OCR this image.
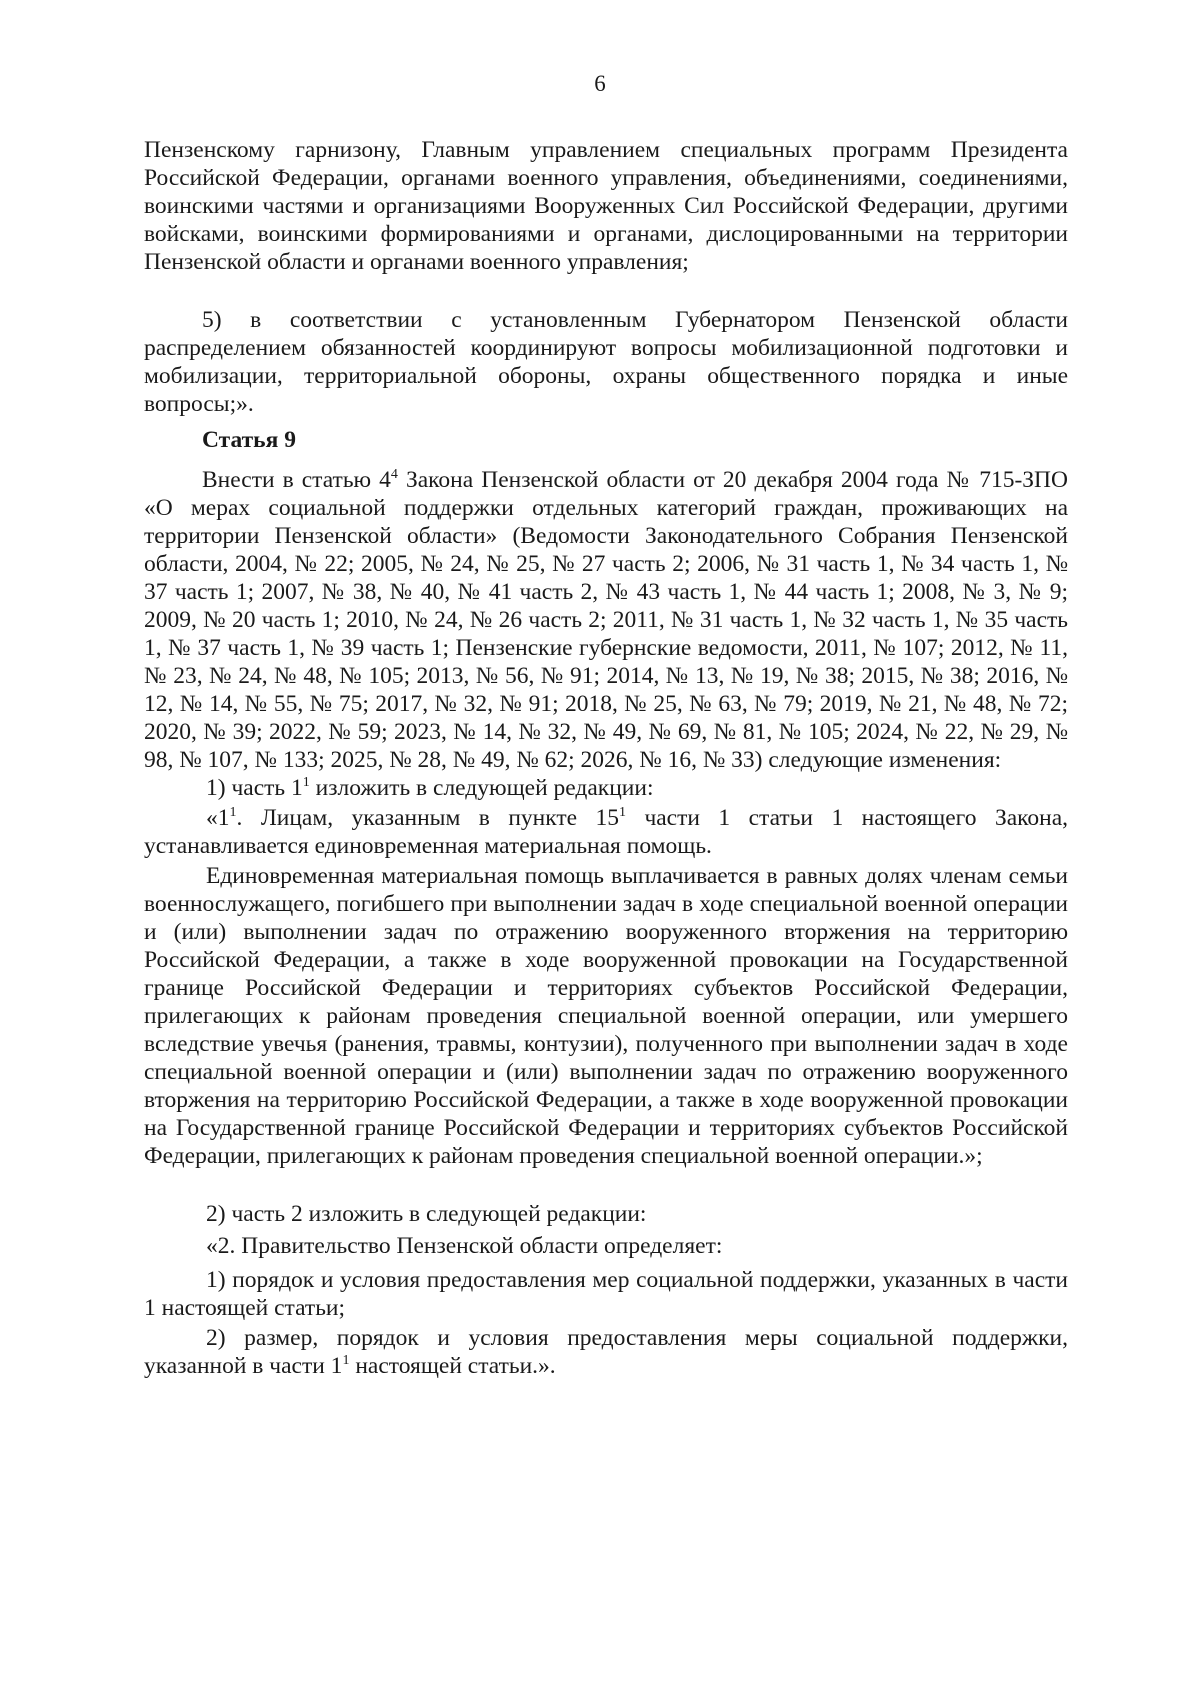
6

Пензенскому гарнизону, Главным управлением специальных программ Президента Российской Федерации, органами военного управления, объединениями, соединениями, воинскими частями и организациями Вооруженных Сил Российской Федерации, другими войсками, воинскими формированиями и органами, дислоцированными на территории Пензенской области и органами военного управления;

5) в соответствии с установленным Губернатором Пензенской области распределением обязанностей координируют вопросы мобилизационной подготовки и мобилизации, территориальной обороны, охраны общественного порядка и иные вопросы;».

Статья 9

Внести в статью $4^4$ Закона Пензенской области от 20 декабря 2004 года № 715-ЗПО «О мерах социальной поддержки отдельных категорий граждан, проживающих на территории Пензенской области» (Ведомости Законодательного Собрания Пензенской области, 2004, № 22; 2005, № 24, № 25, № 27 часть 2; 2006, № 31 часть 1, № 34 часть 1, № 37 часть 1; 2007, № 38, № 40, № 41 часть 2, № 43 часть 1, № 44 часть 1; 2008, № 3, № 9; 2009, № 20 часть 1; 2010, № 24, № 26 часть 2; 2011, № 31 часть 1, № 32 часть 1, № 35 часть 1, № 37 часть 1, № 39 часть 1; Пензенские губернские ведомости, 2011, № 107; 2012, № 11, № 23, № 24, № 48, № 105; 2013, № 56, № 91; 2014, № 13, № 19, № 38; 2015, № 38; 2016, № 12, № 14, № 55, № 75; 2017, № 32, № 91; 2018, № 25, № 63, № 79; 2019, № 21, № 48, № 72; 2020, № 39; 2022, № 59; 2023, № 14, № 32, № 49, № 69, № 81, № 105; 2024, № 22, № 29, № 98, № 107, № 133; 2025, № 28, № 49, № 62; 2026, № 16, № 33) следующие изменения:

1) часть $1^1$ изложить в следующей редакции:

«$1^1$. Лицам, указанным в пункте $15^1$ части 1 статьи 1 настоящего Закона, устанавливается единовременная материальная помощь.

Единовременная материальная помощь выплачивается в равных долях членам семьи военнослужащего, погибшего при выполнении задач в ходе специальной военной операции и (или) выполнении задач по отражению вооруженного вторжения на территорию Российской Федерации, а также в ходе вооруженной провокации на Государственной границе Российской Федерации и территориях субъектов Российской Федерации, прилегающих к районам проведения специальной военной операции, или умершего вследствие увечья (ранения, травмы, контузии), полученного при выполнении задач в ходе специальной военной операции и (или) выполнении задач по отражению вооруженного вторжения на территорию Российской Федерации, а также в ходе вооруженной провокации на Государственной границе Российской Федерации и территориях субъектов Российской Федерации, прилегающих к районам проведения специальной военной операции.»;

2) часть 2 изложить в следующей редакции:

«2. Правительство Пензенской области определяет:

1) порядок и условия предоставления мер социальной поддержки, указанных в части 1 настоящей статьи;

2) размер, порядок и условия предоставления меры социальной поддержки, указанной в части $1^1$ настоящей статьи.».
